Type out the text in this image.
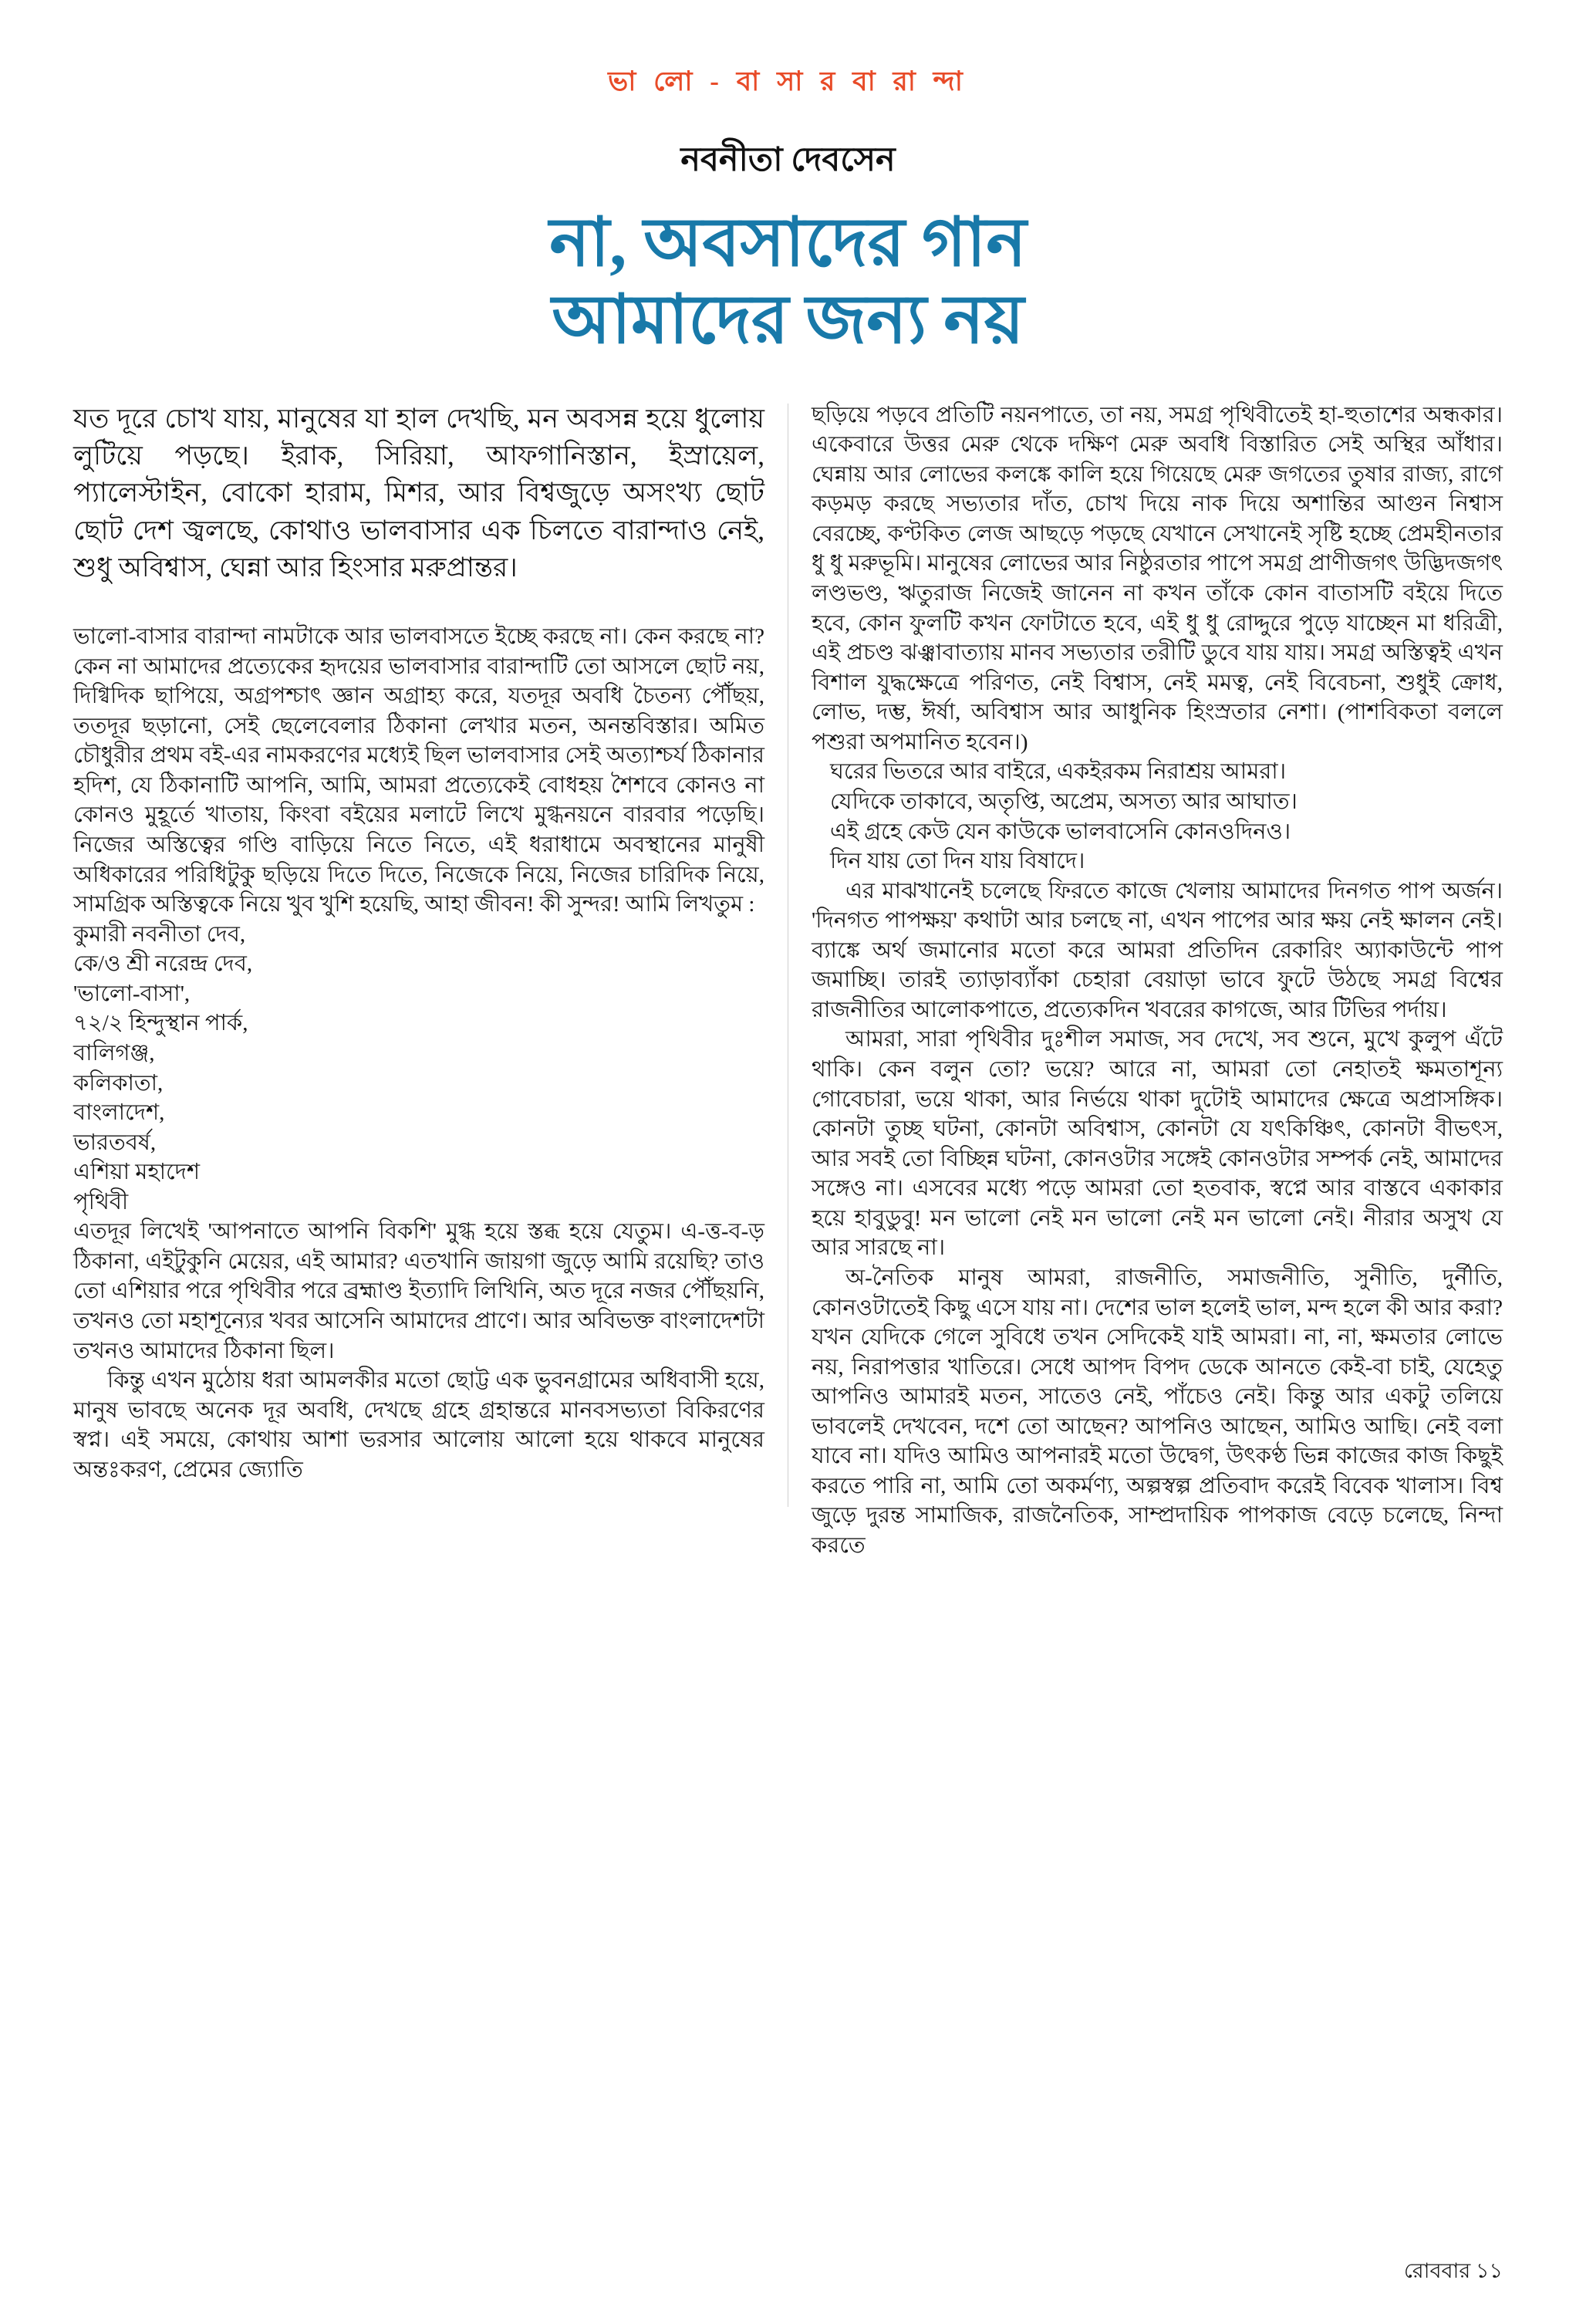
ভা লো - বা সা র বা রা ন্দা
নবনীতা দেবসেন
না, অবসাদের গান
আমাদের জন্য নয়

যত দূরে চোখ যায়, মানুষের যা হাল দেখছি, মন অবসন্ন হয়ে ধুলোয় লুটিয়ে পড়ছে। ইরাক, সিরিয়া, আফগানিস্তান, ইস্রায়েল, প্যালেস্টাইন, বোকো হারাম, মিশর, আর বিশ্বজুড়ে অসংখ্য ছোট ছোট দেশ জ্বলছে, কোথাও ভালবাসার এক চিলতে বারান্দাও নেই, শুধু অবিশ্বাস, ঘেন্না আর হিংসার মরুপ্রান্তর।

ভালো-বাসার বারান্দা নামটাকে আর ভালবাসতে ইচ্ছে করছে না। কেন করছে না? কেন না আমাদের প্রত্যেকের হৃদয়ের ভালবাসার বারান্দাটি তো আসলে ছোট নয়, দিগ্বিদিক ছাপিয়ে, অগ্রপশ্চাৎ জ্ঞান অগ্রাহ্য করে, যতদূর অবধি চৈতন্য পৌঁছয়, ততদূর ছড়ানো, সেই ছেলেবেলার ঠিকানা লেখার মতন, অনন্তবিস্তার। অমিত চৌধুরীর প্রথম বই-এর নামকরণের মধ্যেই ছিল ভালবাসার সেই অত্যাশ্চর্য ঠিকানার হদিশ, যে ঠিকানাটি আপনি, আমি, আমরা প্রত্যেকেই বোধহয় শৈশবে কোনও না কোনও মুহূর্তে খাতায়, কিংবা বইয়ের মলাটে লিখে মুগ্ধনয়নে বারবার পড়েছি। নিজের অস্তিত্বের গণ্ডি বাড়িয়ে নিতে নিতে, এই ধরাধামে অবস্থানের মানুষী অধিকারের পরিধিটুকু ছড়িয়ে দিতে দিতে, নিজেকে নিয়ে, নিজের চারিদিক নিয়ে, সামগ্রিক অস্তিত্বকে নিয়ে খুব খুশি হয়েছি, আহা জীবন! কী সুন্দর! আমি লিখতুম :

কুমারী নবনীতা দেব,
কে/ও শ্রী নরেন্দ্র দেব,
'ভালো-বাসা',
৭২/২ হিন্দুস্থান পার্ক,
বালিগঞ্জ,
কলিকাতা,
বাংলাদেশ,
ভারতবর্ষ,
এশিয়া মহাদেশ
পৃথিবী

এতদূর লিখেই 'আপনাতে আপনি বিকশি' মুগ্ধ হয়ে স্তব্ধ হয়ে যেতুম। এ-ত্ত-ব-ড় ঠিকানা, এইটুকুনি মেয়ের, এই আমার? এতখানি জায়গা জুড়ে আমি রয়েছি? তাও তো এশিয়ার পরে পৃথিবীর পরে ব্রহ্মাণ্ড ইত্যাদি লিখিনি, অত দূরে নজর পৌঁছয়নি, তখনও তো মহাশূন্যের খবর আসেনি আমাদের প্রাণে। আর অবিভক্ত বাংলাদেশটা তখনও আমাদের ঠিকানা ছিল।

কিন্তু এখন মুঠোয় ধরা আমলকীর মতো ছোট্ট এক ভুবনগ্রামের অধিবাসী হয়ে, মানুষ ভাবছে অনেক দূর অবধি, দেখছে গ্রহে গ্রহান্তরে মানবসভ্যতা বিকিরণের স্বপ্ন। এই সময়ে, কোথায় আশা ভরসার আলোয় আলো হয়ে থাকবে মানুষের অন্তঃকরণ, প্রেমের জ্যোতি

ছড়িয়ে পড়বে প্রতিটি নয়নপাতে, তা নয়, সমগ্র পৃথিবীতেই হা-হুতাশের অন্ধকার। একেবারে উত্তর মেরু থেকে দক্ষিণ মেরু অবধি বিস্তারিত সেই অস্থির আঁধার। ঘেন্নায় আর লোভের কলঙ্কে কালি হয়ে গিয়েছে মেরু জগতের তুষার রাজ্য, রাগে কড়মড় করছে সভ্যতার দাঁত, চোখ দিয়ে নাক দিয়ে অশান্তির আগুন নিশ্বাস বেরচ্ছে, কণ্টকিত লেজ আছড়ে পড়ছে যেখানে সেখানেই সৃষ্টি হচ্ছে প্রেমহীনতার ধু ধু মরুভূমি। মানুষের লোভের আর নিষ্ঠুরতার পাপে সমগ্র প্রাণীজগৎ উদ্ভিদজগৎ লণ্ডভণ্ড, ঋতুরাজ নিজেই জানেন না কখন তাঁকে কোন বাতাসটি বইয়ে দিতে হবে, কোন ফুলটি কখন ফোটাতে হবে, এই ধু ধু রোদ্দুরে পুড়ে যাচ্ছেন মা ধরিত্রী, এই প্রচণ্ড ঝঞ্ঝাবাত্যায় মানব সভ্যতার তরীটি ডুবে যায় যায়। সমগ্র অস্তিত্বই এখন বিশাল যুদ্ধক্ষেত্রে পরিণত, নেই বিশ্বাস, নেই মমত্ব, নেই বিবেচনা, শুধুই ক্রোধ, লোভ, দম্ভ, ঈর্ষা, অবিশ্বাস আর আধুনিক হিংস্রতার নেশা। (পাশবিকতা বললে পশুরা অপমানিত হবেন।)

ঘরের ভিতরে আর বাইরে, একইরকম নিরাশ্রয় আমরা।
যেদিকে তাকাবে, অতৃপ্তি, অপ্রেম, অসত্য আর আঘাত।
এই গ্রহে কেউ যেন কাউকে ভালবাসেনি কোনওদিনও।
দিন যায় তো দিন যায় বিষাদে।

এর মাঝখানেই চলেছে ফিরতে কাজে খেলায় আমাদের দিনগত পাপ অর্জন। 'দিনগত পাপক্ষয়' কথাটা আর চলছে না, এখন পাপের আর ক্ষয় নেই ক্ষালন নেই। ব্যাঙ্কে অর্থ জমানোর মতো করে আমরা প্রতিদিন রেকারিং অ্যাকাউন্টে পাপ জমাচ্ছি। তারই ত্যাড়াব্যাঁকা চেহারা বেয়াড়া ভাবে ফুটে উঠছে সমগ্র বিশ্বের রাজনীতির আলোকপাতে, প্রত্যেকদিন খবরের কাগজে, আর টিভির পর্দায়।

আমরা, সারা পৃথিবীর দুঃশীল সমাজ, সব দেখে, সব শুনে, মুখে কুলুপ এঁটে থাকি। কেন বলুন তো? ভয়ে? আরে না, আমরা তো নেহাতই ক্ষমতাশূন্য গোবেচারা, ভয়ে থাকা, আর নির্ভয়ে থাকা দুটোই আমাদের ক্ষেত্রে অপ্রাসঙ্গিক। কোনটা তুচ্ছ ঘটনা, কোনটা অবিশ্বাস, কোনটা যে যৎকিঞ্চিৎ, কোনটা বীভৎস, আর সবই তো বিচ্ছিন্ন ঘটনা, কোনওটার সঙ্গেই কোনওটার সম্পর্ক নেই, আমাদের সঙ্গেও না। এসবের মধ্যে পড়ে আমরা তো হতবাক, স্বপ্নে আর বাস্তবে একাকার হয়ে হাবুডুবু! মন ভালো নেই মন ভালো নেই মন ভালো নেই। নীরার অসুখ যে আর সারছে না।

অ-নৈতিক মানুষ আমরা, রাজনীতি, সমাজনীতি, সুনীতি, দুর্নীতি, কোনওটাতেই কিছু এসে যায় না। দেশের ভাল হলেই ভাল, মন্দ হলে কী আর করা? যখন যেদিকে গেলে সুবিধে তখন সেদিকেই যাই আমরা। না, না, ক্ষমতার লোভে নয়, নিরাপত্তার খাতিরে। সেধে আপদ বিপদ ডেকে আনতে কেই-বা চাই, যেহেতু আপনিও আমারই মতন, সাতেও নেই, পাঁচেও নেই। কিন্তু আর একটু তলিয়ে ভাবলেই দেখবেন, দশে তো আছেন? আপনিও আছেন, আমিও আছি। নেই বলা যাবে না। যদিও আমিও আপনারই মতো উদ্বেগ, উৎকণ্ঠ ভিন্ন কাজের কাজ কিছুই করতে পারি না, আমি তো অকর্মণ্য, অল্পস্বল্প প্রতিবাদ করেই বিবেক খালাস। বিশ্ব জুড়ে দুরন্ত সামাজিক, রাজনৈতিক, সাম্প্রদায়িক পাপকাজ বেড়ে চলেছে, নিন্দা করতে

রোববার ১১
